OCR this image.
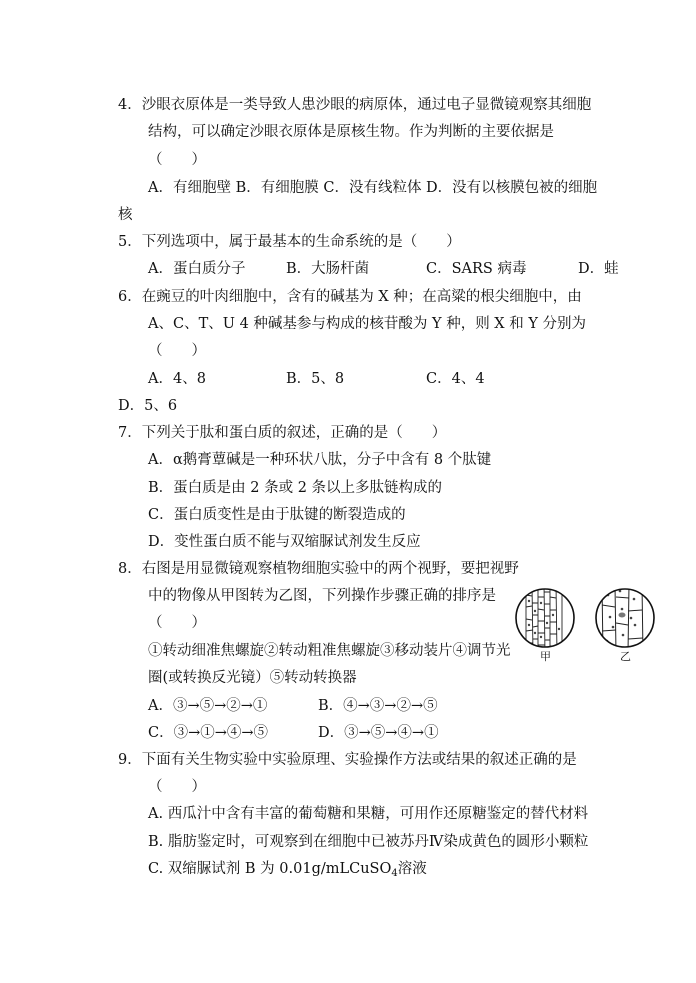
4．沙眼衣原体是一类导致人患沙眼的病原体，通过电子显微镜观察其细胞
结构，可以确定沙眼衣原体是原核生物。作为判断的主要依据是
（　　）
A．有细胞壁 B．有细胞膜 C．没有线粒体 D．没有以核膜包被的细胞
核
5．下列选项中，属于最基本的生命系统的是（　　）
A．蛋白质分子	B．大肠杆菌	C．SARS 病毒	D．蛙
6．在豌豆的叶肉细胞中，含有的碱基为 X 种；在高粱的根尖细胞中，由
A、C、T、U 4 种碱基参与构成的核苷酸为 Y 种，则 X 和 Y 分别为
（　　）
A．4、8	B．5、8	C．4、4
D．5、6
7．下列关于肽和蛋白质的叙述，正确的是（　　）
A．α鹅膏蕈碱是一种环状八肽，分子中含有 8 个肽键
B．蛋白质是由 2 条或 2 条以上多肽链构成的
C．蛋白质变性是由于肽键的断裂造成的
D．变性蛋白质不能与双缩脲试剂发生反应
8．右图是用显微镜观察植物细胞实验中的两个视野，要把视野
中的物像从甲图转为乙图，下列操作步骤正确的排序是
（　　）
①转动细准焦螺旋②转动粗准焦螺旋③移动装片④调节光
圈(或转换反光镜）⑤转动转换器
A．③→⑤→②→①	B．④→③→②→⑤
C．③→①→④→⑤	D．③→⑤→④→①
甲	乙
9．下面有关生物实验中实验原理、实验操作方法或结果的叙述正确的是
（　　）
A. 西瓜汁中含有丰富的葡萄糖和果糖，可用作还原糖鉴定的替代材料
B. 脂肪鉴定时，可观察到在细胞中已被苏丹Ⅳ染成黄色的圆形小颗粒
C. 双缩脲试剂 B 为 0.01g/mLCuSO$_4$溶液
